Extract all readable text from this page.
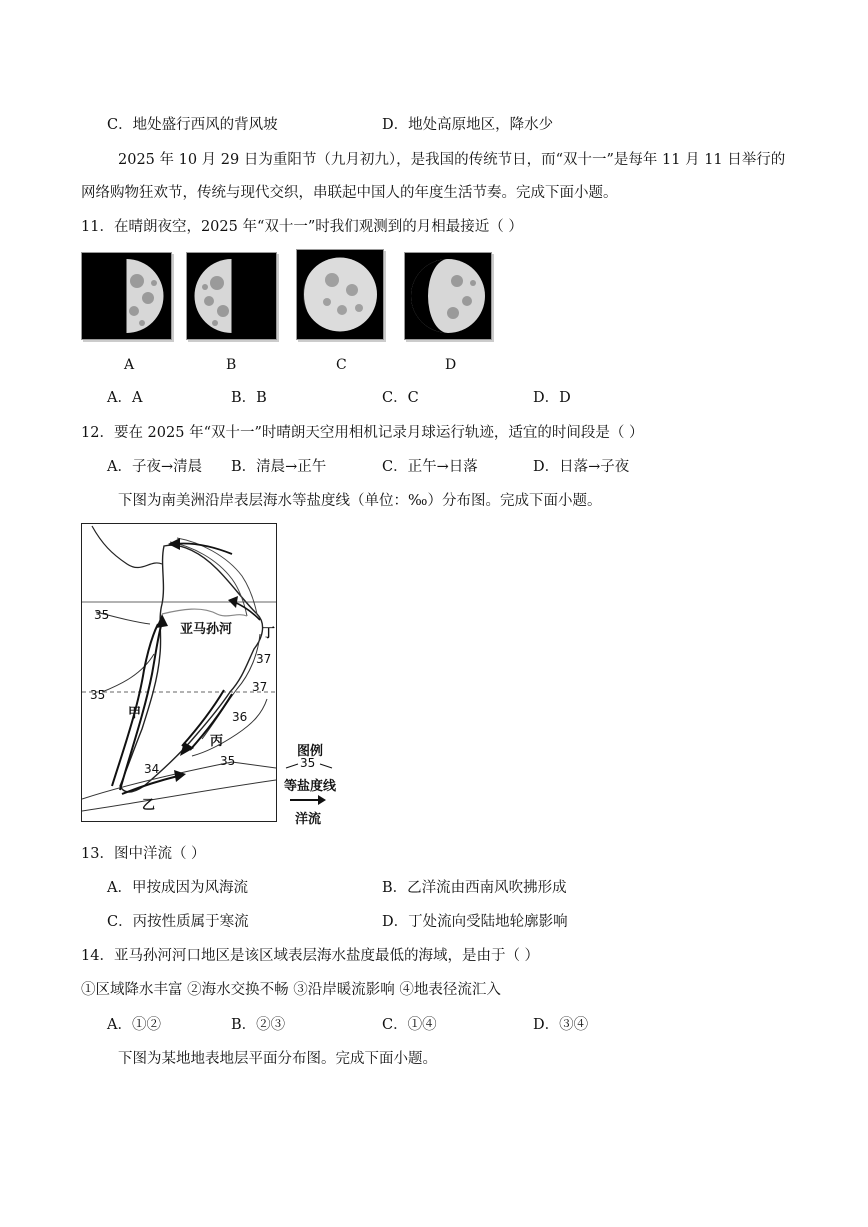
C．地处盛行西风的背风坡	D．地处高原地区，降水少
2025 年 10 月 29 日为重阳节（九月初九），是我国的传统节日，而“双十一”是每年 11 月 11 日举行的
网络购物狂欢节，传统与现代交织，串联起中国人的年度生活节奏。完成下面小题。
11．在晴朗夜空，2025 年“双十一”时我们观测到的月相最接近（ ）
A	B	C	D
A．A	B．B	C．C	D．D
12．要在 2025 年“双十一”时晴朗天空用相机记录月球运行轨迹，适宜的时间段是（ ）
A．子夜→清晨 B．清晨→正午	C．正午→日落	D．日落→子夜
下图为南美洲沿岸表层海水等盐度线（单位：‰）分布图。完成下面小题。
亚马孙河
甲
乙
丙
丁
35
35
37
37
36
35
34
图例
35
等盐度线
洋流
13．图中洋流（ ）
A．甲按成因为风海流	B．乙洋流由西南风吹拂形成
C．丙按性质属于寒流	D．丁处流向受陆地轮廓影响
14．亚马孙河河口地区是该区域表层海水盐度最低的海域，是由于（ ）
①区域降水丰富 ②海水交换不畅 ③沿岸暖流影响 ④地表径流汇入
A．①②	B．②③	C．①④	D．③④
下图为某地地表地层平面分布图。完成下面小题。
